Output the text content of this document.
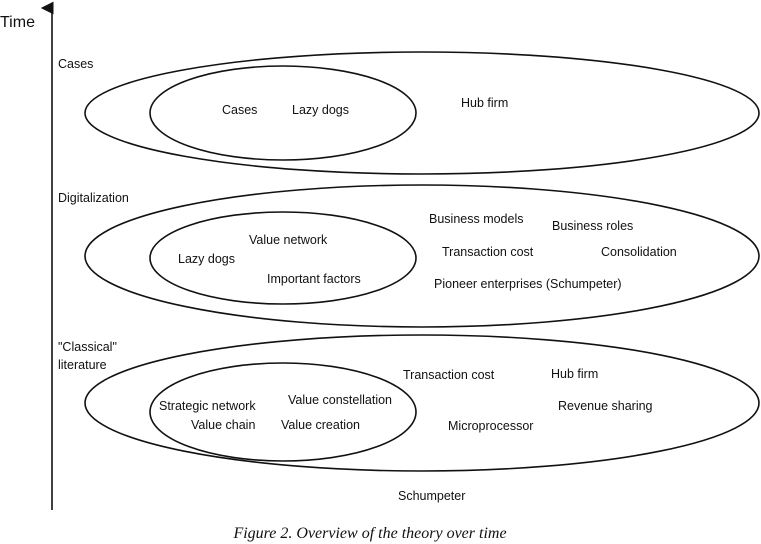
Time
Cases
Cases	Lazy dogs	Hub firm
Digitalization
Value network
Lazy dogs
Important factors
Business models Business roles
Transaction cost	Consolidation
Pioneer enterprises (Schumpeter)
"Classical"
literature
Strategic network	Value constellation
Value chain Value creation
Transaction cost	Hub firm
Revenue sharing
Microprocessor
Schumpeter
Figure 2. Overview of the theory over time
